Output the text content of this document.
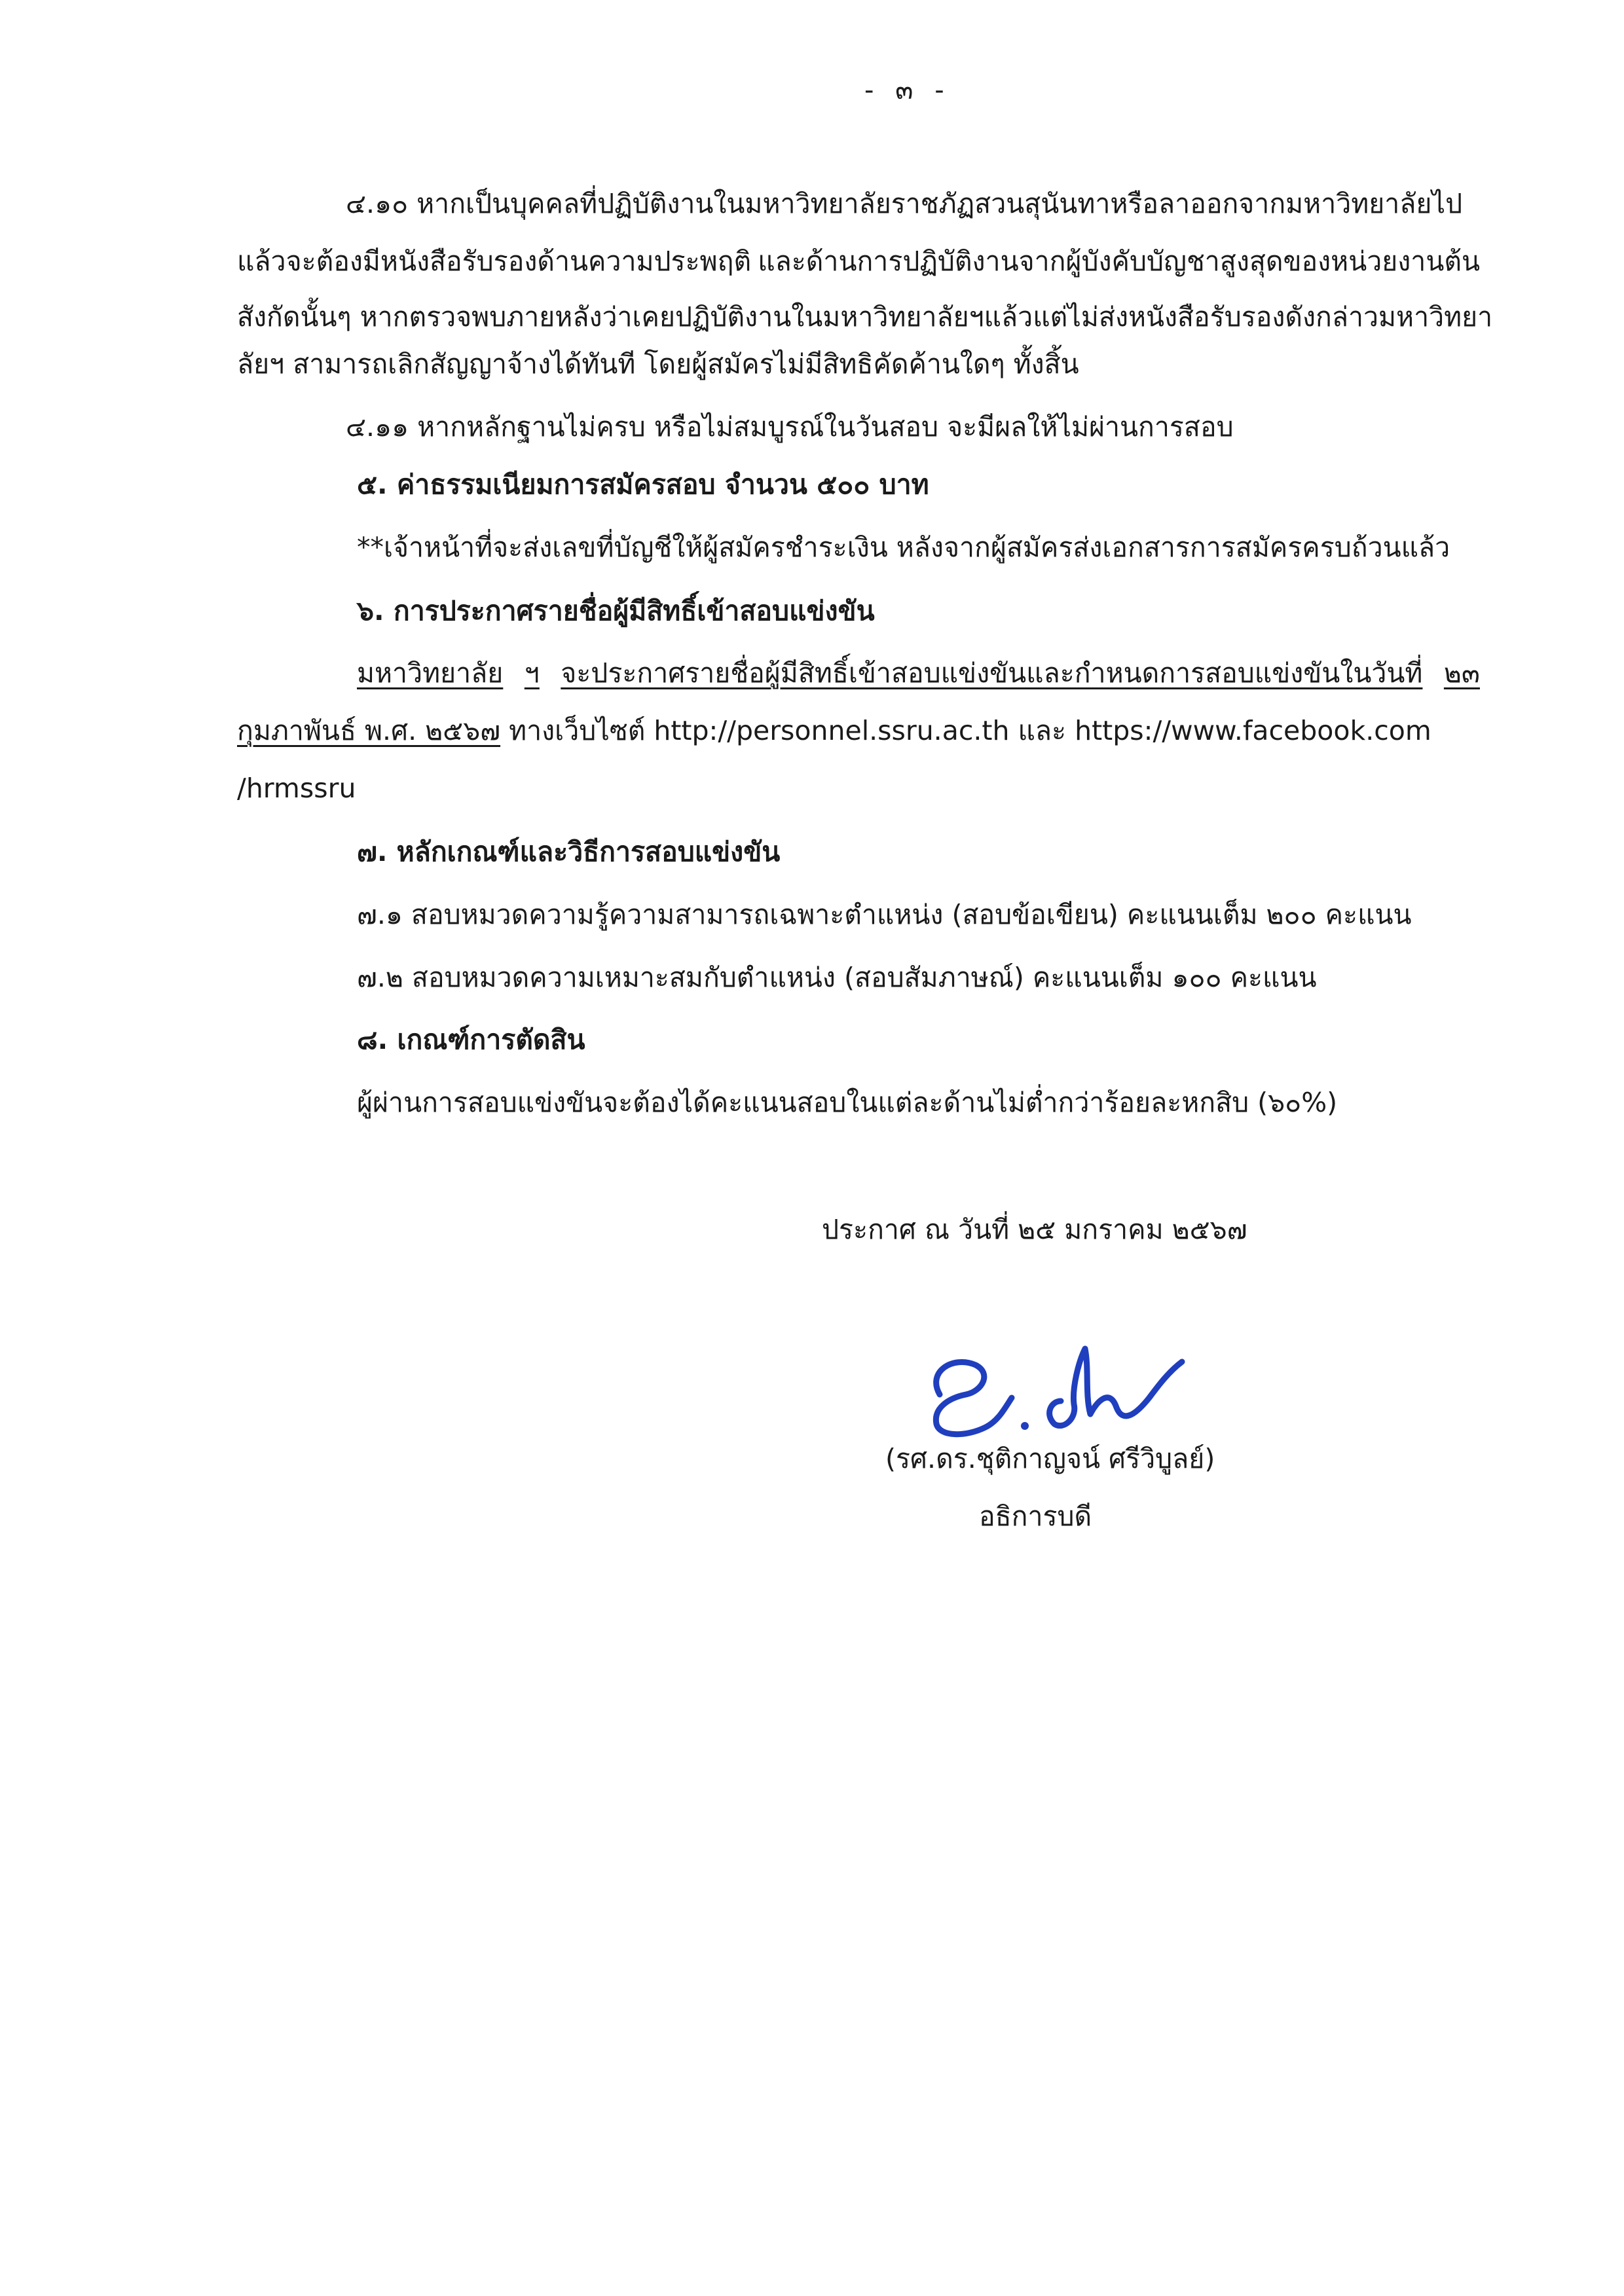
- ๓ -
๔.๑๐ หากเป็นบุคคลที่ปฏิบัติงานในมหาวิทยาลัยราชภัฏสวนสุนันทาหรือลาออกจากมหาวิทยาลัยไป
แล้วจะต้องมีหนังสือรับรองด้านความประพฤติ และด้านการปฏิบัติงานจากผู้บังคับบัญชาสูงสุดของหน่วยงานต้น
สังกัดนั้นๆ หากตรวจพบภายหลังว่าเคยปฏิบัติงานในมหาวิทยาลัยฯแล้ว แต่ไม่ส่งหนังสือรับรองดังกล่าวมหาวิทยา
ลัยฯ สามารถเลิกสัญญาจ้างได้ทันที โดยผู้สมัครไม่มีสิทธิคัดค้านใดๆ ทั้งสิ้น
๔.๑๑ หากหลักฐานไม่ครบ หรือไม่สมบูรณ์ในวันสอบ จะมีผลให้ไม่ผ่านการสอบ
๕. ค่าธรรมเนียมการสมัครสอบ จำนวน ๕๐๐ บาท
**เจ้าหน้าที่จะส่งเลขที่บัญชีให้ผู้สมัครชำระเงิน หลังจากผู้สมัครส่งเอกสารการสมัครครบถ้วนแล้ว
๖. การประกาศรายชื่อผู้มีสิทธิ์เข้าสอบแข่งขัน
มหาวิทยาลัย ฯ จะประกาศรายชื่อผู้มีสิทธิ์เข้าสอบแข่งขันและกำหนดการสอบแข่งขันในวันที่ ๒๓
กุมภาพันธ์ พ.ศ. ๒๕๖๗ ทางเว็บไซต์ http://personnel.ssru.ac.th และ https://www.facebook.com
/hrmssru
๗. หลักเกณฑ์และวิธีการสอบแข่งขัน
๗.๑ สอบหมวดความรู้ความสามารถเฉพาะตำแหน่ง (สอบข้อเขียน) คะแนนเต็ม ๒๐๐ คะแนน
๗.๒ สอบหมวดความเหมาะสมกับตำแหน่ง (สอบสัมภาษณ์) คะแนนเต็ม ๑๐๐ คะแนน
๘. เกณฑ์การตัดสิน
ผู้ผ่านการสอบแข่งขันจะต้องได้คะแนนสอบในแต่ละด้านไม่ต่ำกว่าร้อยละหกสิบ (๖๐%)
ประกาศ ณ วันที่ ๒๕ มกราคม ๒๕๖๗
(รศ.ดร.ชุติกาญจน์ ศรีวิบูลย์)
อธิการบดี
